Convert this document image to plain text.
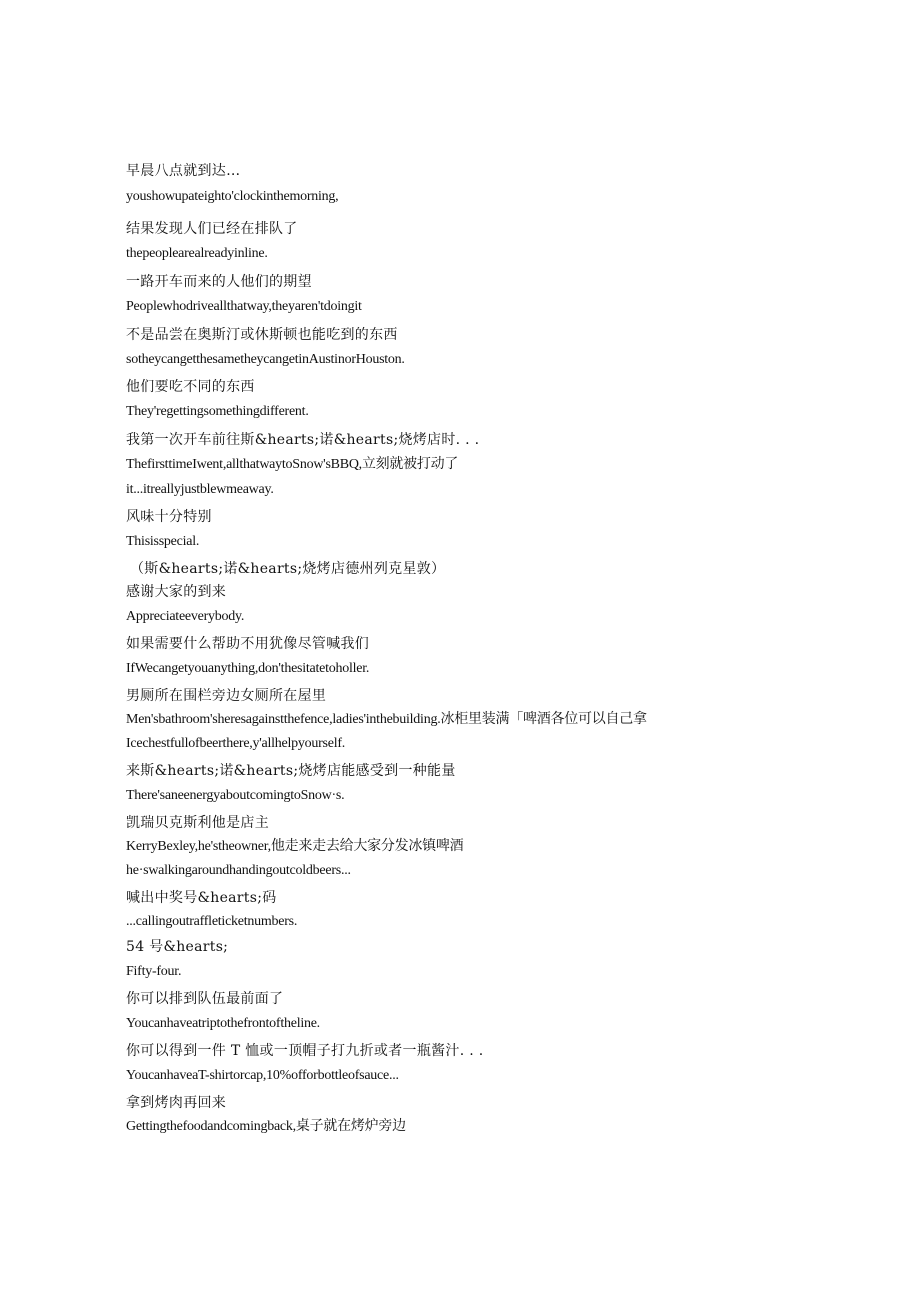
早晨八点就到达…
youshowupateighto'clockinthemorning,
结果发现人们已经在排队了
thepeoplearealreadyinline.
一路开车而来的人他们的期望
Peoplewhodriveallthatway,theyaren'tdoingit
不是品尝在奥斯汀或休斯顿也能吃到的东西
sotheycangetthesametheycangetinAustinorHouston.
他们要吃不同的东西
They'regettingsomethingdifferent.
我第一次开车前往斯&hearts;诺&hearts;烧烤店时. . .
ThefirsttimeIwent,allthatwaytoSnow'sBBQ,立刻就被打动了
it...itreallyjustblewmeaway.
风味十分特别
Thisisspecial.
（斯&hearts;诺&hearts;烧烤店德州列克星敦）
感谢大家的到来
Appreciateeverybody.
如果需要什么帮助不用犹像尽管喊我们
IfWecangetyouanything,don'thesitatetoholler.
男厕所在围栏旁边女厕所在屋里
Men'sbathroom'sheresagainstthefence,ladies'inthebuilding.冰柜里装满「啤酒各位可以自己拿
Icechestfullofbeerthere,y'allhelpyourself.
来斯&hearts;诺&hearts;烧烤店能感受到一种能量
There'saneenergyaboutcomingtoSnow·s.
凯瑞贝克斯利他是店主
KerryBexley,he'stheowner,他走来走去给大家分发冰镇啤酒
he·swalkingaroundhandingoutcoldbeers...
喊出中奖号&hearts;码
...callingoutraffleticketnumbers.
54 号&hearts;
Fifty-four.
你可以排到队伍最前面了
Youcanhaveatriptothefrontoftheline.
你可以得到一件 T 恤或一顶帽子打九折或者一瓶酱汁. . .
YoucanhaveaT-shirtorcap,10%offorbottleofsauce...
拿到烤肉再回来
Gettingthefoodandcomingback,桌子就在烤炉旁边
